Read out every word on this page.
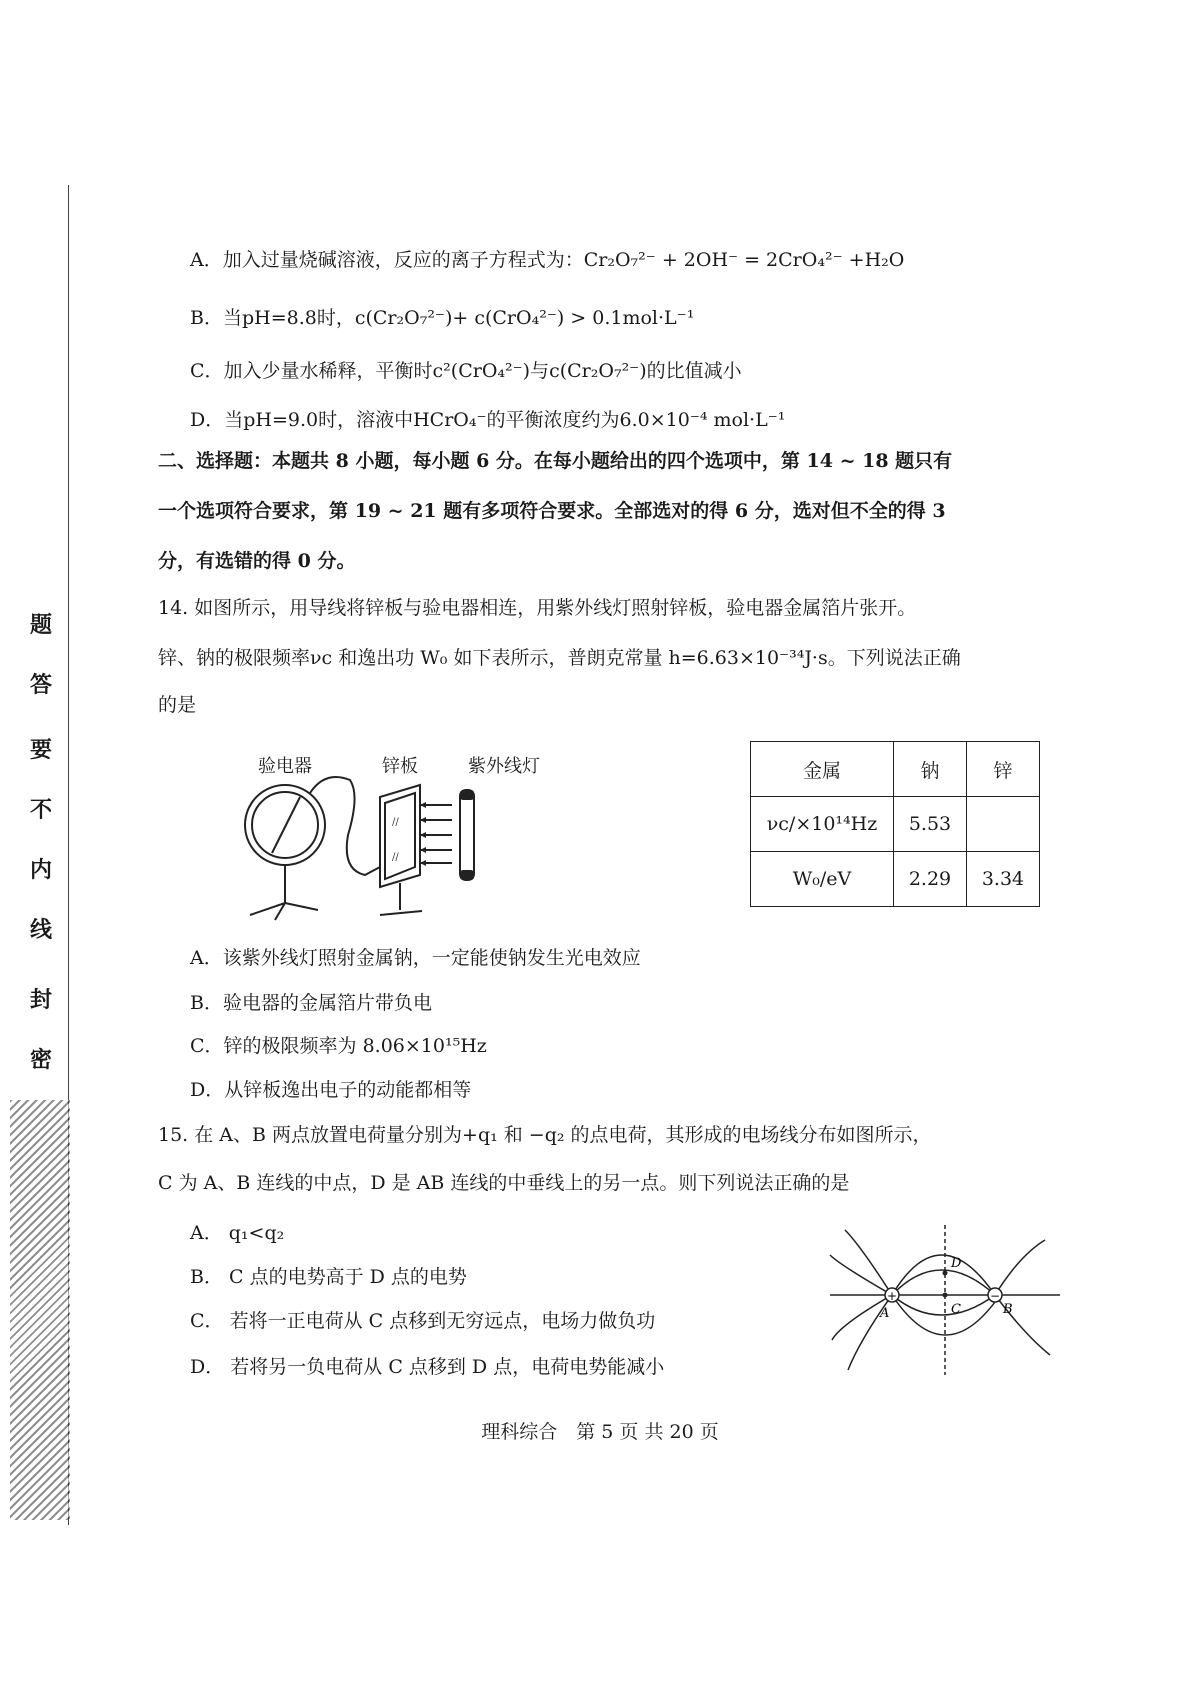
密
封
线
内
不
要
答
题
A．加入过量烧碱溶液，反应的离子方程式为：Cr₂O₇²⁻ + 2OH⁻ = 2CrO₄²⁻ +H₂O
B．当pH=8.8时，c(Cr₂O₇²⁻)+ c(CrO₄²⁻) > 0.1mol·L⁻¹
C．加入少量水稀释，平衡时c²(CrO₄²⁻)与c(Cr₂O₇²⁻)的比值减小
D．当pH=9.0时，溶液中HCrO₄⁻的平衡浓度约为6.0×10⁻⁴ mol·L⁻¹
二、选择题：本题共 8 小题，每小题 6 分。在每小题给出的四个选项中，第 14 ~ 18 题只有
一个选项符合要求，第 19 ~ 21 题有多项符合要求。全部选对的得 6 分，选对但不全的得 3
分，有选错的得 0 分。
14. 如图所示，用导线将锌板与验电器相连，用紫外线灯照射锌板，验电器金属箔片张开。
锌、钠的极限频率νc 和逸出功 W₀ 如下表所示，普朗克常量 h=6.63×10⁻³⁴J·s。下列说法正确
的是
验电器	锌板	紫外线灯
//
//
金属	钠	锌
νc/×10¹⁴Hz	5.53	
W₀/eV	2.29	3.34
A．该紫外线灯照射金属钠，一定能使钠发生光电效应
B．验电器的金属箔片带负电
C．锌的极限频率为 8.06×10¹⁵Hz
D．从锌板逸出电子的动能都相等
15. 在 A、B 两点放置电荷量分别为+q₁ 和 −q₂ 的点电荷，其形成的电场线分布如图所示，
C 为 A、B 连线的中点，D 是 AB 连线的中垂线上的另一点。则下列说法正确的是
A． q₁<q₂
B． C 点的电势高于 D 点的电势
C． 若将一正电荷从 C 点移到无穷远点，电场力做负功
D． 若将另一负电荷从 C 点移到 D 点，电荷电势能减小
+	−
A	B
C
D
理科综合　第 5 页 共 20 页
